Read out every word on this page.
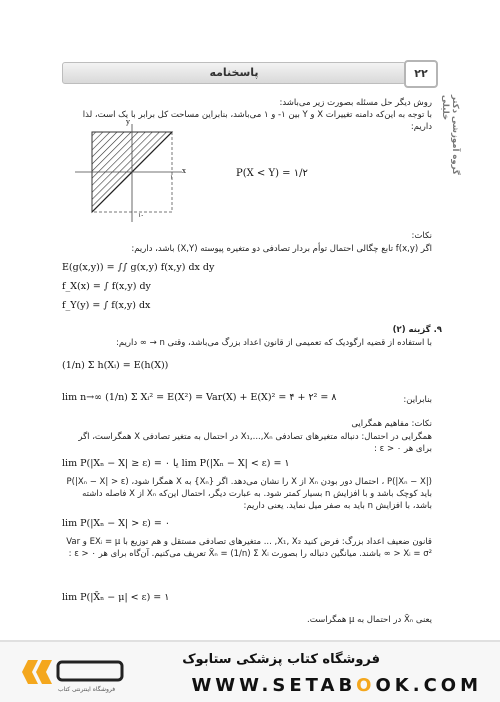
پاسخنامه	۲۲
گروه آموزشی دکتر خلیلی
روش دیگر حل مسئله بصورت زیر می‌باشد:
با توجه به این‌که دامنه تغییرات X و Y بین ۱- و ۱ می‌باشد، بنابراین مساحت کل برابر با یک است، لذا داریم:
y
x
۱
۱-
P(X < Y) = ۱/۲
نکات:
اگر f(x,y) تابع چگالی احتمال توأم بردار تصادفی دو متغیره پیوسته (X,Y) باشد، داریم:
E(g(x,y)) = ∫∫ g(x,y) f(x,y) dx dy
f_X(x) = ∫ f(x,y) dy
f_Y(y) = ∫ f(x,y) dx
۹. گزینه (۲)
با استفاده از قضیه ارگودیک که تعمیمی از قانون اعداد بزرگ می‌باشد، وقتی n → ∞ داریم:
(1/n) Σ h(Xᵢ) = E(h(X))
بنابراین:
lim n→∞ (1/n) Σ Xᵢ² = E(X²) = Var(X) + E(X)² = ۴ + ۲² = ۸
نکات: مفاهیم همگرایی
همگرایی در احتمال: دنباله متغیرهای تصادفی X₁,...,Xₙ در احتمال به متغیر تصادفی X همگراست، اگر برای هر ε > ۰ :
lim P(|Xₙ − X| ≥ ε) = ۰ یا lim P(|Xₙ − X| < ε) = ۱
P(|Xₙ − X|) ، احتمال دور بودن Xₙ از X را نشان می‌دهد. اگر {Xₙ} به X همگرا شود، P(|Xₙ − X| > ε) باید کوچک باشد و با افزایش n بسیار کمتر شود. به عبارت دیگر، احتمال این‌که Xₙ از X فاصله داشته باشد، با افزایش n باید به صفر میل نماید. یعنی داریم:
lim P(|Xₙ − X| > ε) = ۰
قانون ضعیف اعداد بزرگ: فرض کنید X₁, X₂, ... متغیرهای تصادفی مستقل و هم توزیع با EXᵢ = μ و Var Xᵢ = σ² < ∞ باشند. میانگین دنباله را بصورت X̄ₙ = (1/n) Σ Xᵢ تعریف می‌کنیم. آن‌گاه برای هر ε > ۰ :
lim P(|X̄ₙ − μ| < ε) = ۱
یعنی X̄ₙ در احتمال به μ همگراست.
فروشگاه اینترنتی کتاب
فروشگاه کتاب پزشکی ستابوک
WWW.SETABOOK.COM
